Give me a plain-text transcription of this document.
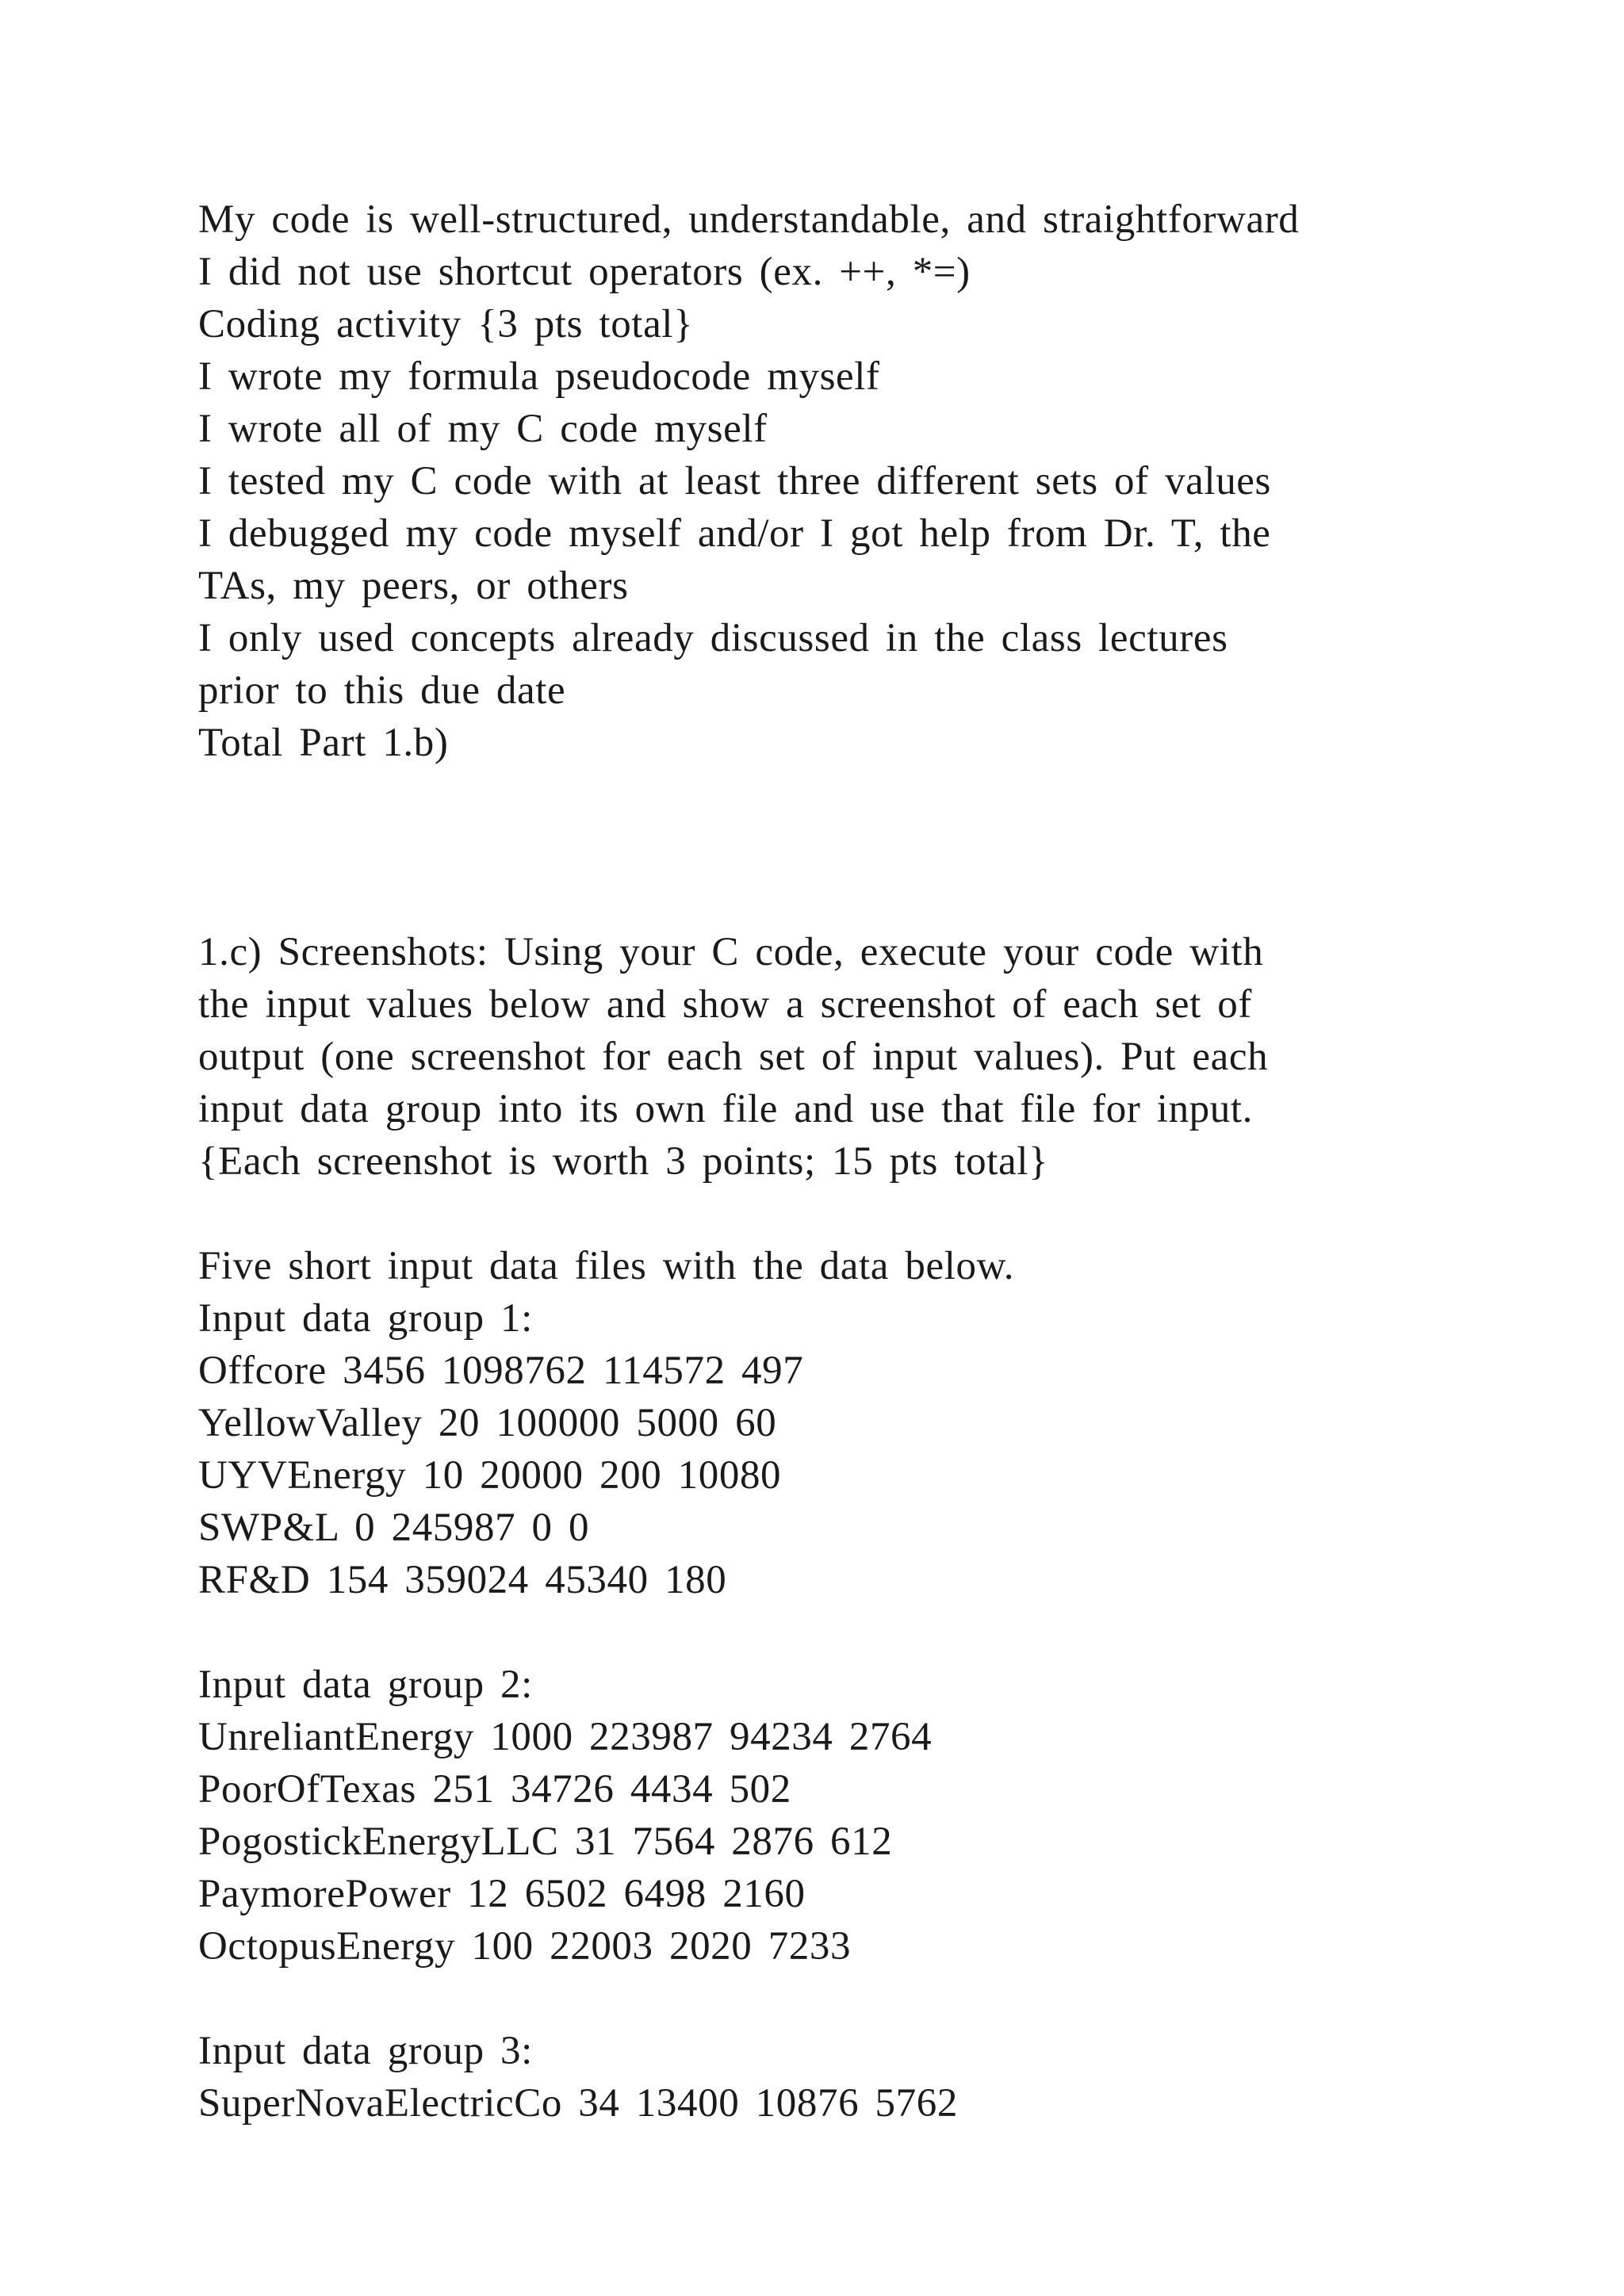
My code is well-structured, understandable, and straightforward
I did not use shortcut operators (ex. ++, *=)
Coding activity {3 pts total}
I wrote my formula pseudocode myself
I wrote all of my C code myself
I tested my C code with at least three different sets of values
I debugged my code myself and/or I got help from Dr. T, the
TAs, my peers, or others
I only used concepts already discussed in the class lectures
prior to this due date
Total Part 1.b)
1.c) Screenshots: Using your C code, execute your code with
the input values below and show a screenshot of each set of
output (one screenshot for each set of input values). Put each
input data group into its own file and use that file for input.
{Each screenshot is worth 3 points; 15 pts total}
Five short input data files with the data below.
Input data group 1:
Offcore 3456 1098762 114572 497
YellowValley 20 100000 5000 60
UYVEnergy 10 20000 200 10080
SWP&L 0 245987 0 0
RF&D 154 359024 45340 180
Input data group 2:
UnreliantEnergy 1000 223987 94234 2764
PoorOfTexas 251 34726 4434 502
PogostickEnergyLLC 31 7564 2876 612
PaymorePower 12 6502 6498 2160
OctopusEnergy 100 22003 2020 7233
Input data group 3:
SuperNovaElectricCo 34 13400 10876 5762
